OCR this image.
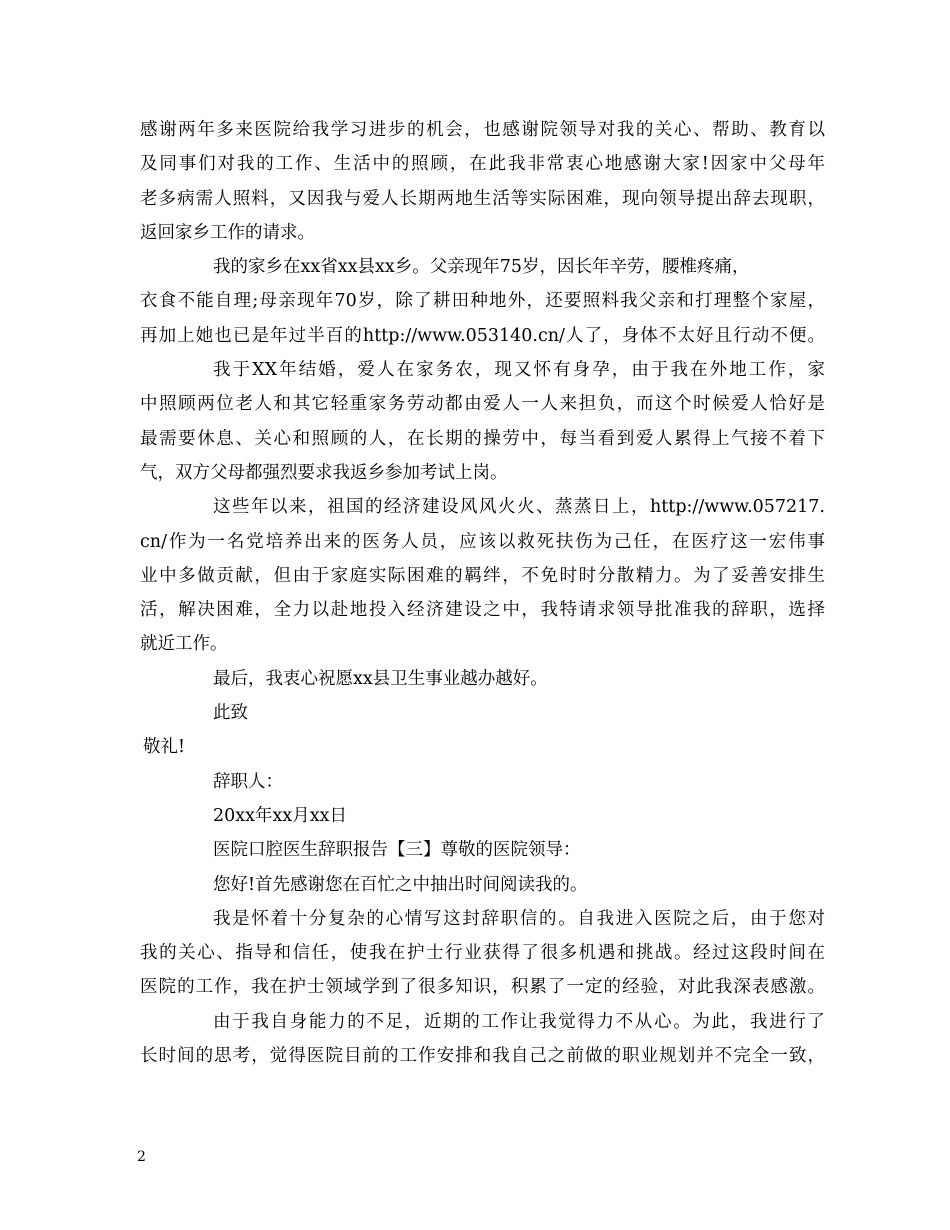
感谢两年多来医院给我学习进步的机会，也感谢院领导对我的关心、帮助、教育以
及同事们对我的工作、生活中的照顾，在此我非常衷心地感谢大家!因家中父母年
老多病需人照料，又因我与爱人长期两地生活等实际困难，现向领导提出辞去现职，
返回家乡工作的请求。
我的家乡在xx省xx县xx乡。父亲现年75岁，因长年辛劳，腰椎疼痛，
衣食不能自理;母亲现年70岁，除了耕田种地外，还要照料我父亲和打理整个家屋，
再加上她也已是年过半百的http://www.053140.cn/人了，身体不太好且行动不便。
我于XX年结婚，爱人在家务农，现又怀有身孕，由于我在外地工作，家
中照顾两位老人和其它轻重家务劳动都由爱人一人来担负，而这个时候爱人恰好是
最需要休息、关心和照顾的人，在长期的操劳中，每当看到爱人累得上气接不着下
气，双方父母都强烈要求我返乡参加考试上岗。
这些年以来，祖国的经济建设风风火火、蒸蒸日上，http://www.057217.
cn/作为一名党培养出来的医务人员，应该以救死扶伤为己任，在医疗这一宏伟事
业中多做贡献，但由于家庭实际困难的羁绊，不免时时分散精力。为了妥善安排生
活，解决困难，全力以赴地投入经济建设之中，我特请求领导批准我的辞职，选择
就近工作。
最后，我衷心祝愿xx县卫生事业越办越好。
此致
敬礼!
辞职人：
20xx年xx月xx日
医院口腔医生辞职报告【三】尊敬的医院领导：
您好!首先感谢您在百忙之中抽出时间阅读我的。
我是怀着十分复杂的心情写这封辞职信的。自我进入医院之后，由于您对
我的关心、指导和信任，使我在护士行业获得了很多机遇和挑战。经过这段时间在
医院的工作，我在护士领域学到了很多知识，积累了一定的经验，对此我深表感激。
由于我自身能力的不足，近期的工作让我觉得力不从心。为此，我进行了
长时间的思考，觉得医院目前的工作安排和我自己之前做的职业规划并不完全一致，
2
